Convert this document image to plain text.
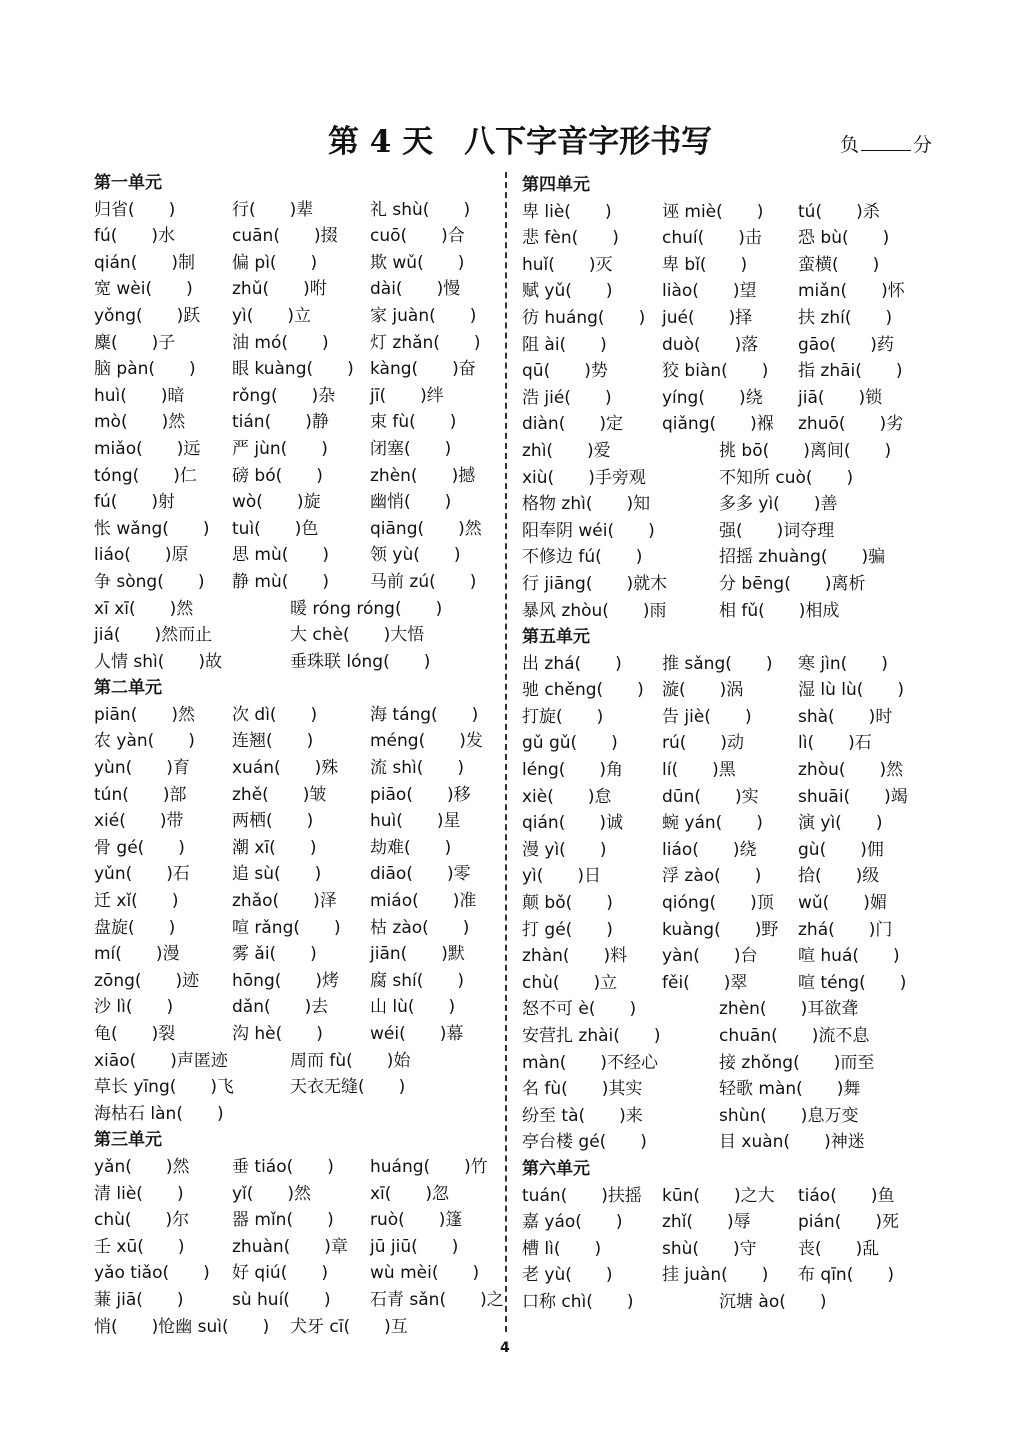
第 4 天　八下字音字形书写	负	分
第一单元
归省(　　)	行(　　)辈	礼 shù(　　)
fú(　　)水	cuān(　　)掇 cuō(　　)合
qián(　　)制 偏 pì(　　)	欺 wǔ(　　)
宽 wèi(　　) zhǔ(　　)咐	dài(　　)慢
yǒng(　　)跃 yì(　　)立	家 juàn(　　)
麋(　　)子	油 mó(　　) 灯 zhǎn(　　)
脑 pàn(　　) 眼 kuàng(　　) kàng(　　)奋
huì(　　)暗	rǒng(　　)杂 jī(　　)绊
mò(　　)然	tián(　　)静 束 fù(　　)
miǎo(　　)远 严 jùn(　　) 闭塞(　　)
tóng(　　)仁 磅 bó(　　)	zhèn(　　)撼
fú(　　)射	wò(　　)旋	幽悄(　　)
怅 wǎng(　　) tuì(　　)色	qiāng(　　)然
liáo(　　)原	思 mù(　　) 领 yù(　　)
争 sòng(　　) 静 mù(　　) 马前 zú(　　)
xī xī(　　)然	暖 róng róng(　　)
jiá(　　)然而止	大 chè(　　)大悟
人情 shì(　　)故	垂珠联 lóng(　　)
第二单元
piān(　　)然 次 dì(　　)	海 táng(　　)
农 yàn(　　) 连翘(　　)	méng(　　)发
yùn(　　)育 xuán(　　)殊 流 shì(　　)
tún(　　)部	zhě(　　)皱	piāo(　　)移
xié(　　)带	两栖(　　)	huì(　　)星
骨 gé(　　)	潮 xī(　　)	劫难(　　)
yǔn(　　)石 追 sù(　　)	diāo(　　)零
迁 xǐ(　　)	zhǎo(　　)泽 miáo(　　)准
盘旋(　　)	喧 rǎng(　　) 枯 zào(　　)
mí(　　)漫	雾 ǎi(　　)	jiān(　　)默
zōng(　　)迹 hōng(　　)烤 腐 shí(　　)
沙 lì(　　)	dǎn(　　)去 山 lù(　　)
龟(　　)裂	沟 hè(　　)	wéi(　　)幕
xiāo(　　)声匿迹	周而 fù(　　)始
草长 yīng(　　)飞	天衣无缝(　　)
海枯石 làn(　　)
第三单元
yǎn(　　)然 垂 tiáo(　　) huáng(　　)竹
清 liè(　　)	yǐ(　　)然	xī(　　)忽
chù(　　)尔	器 mǐn(　　) ruò(　　)篷
壬 xū(　　)	zhuàn(　　)章 jū jiū(　　)
yǎo tiǎo(　　) 好 qiú(　　) wù mèi(　　)
蒹 jiā(　　)	sù huí(　　) 石青 sǎn(　　)之
悄(　　)怆幽 suì(　　) 犬牙 cī(　　)互
第四单元
卑 liè(　　)	诬 miè(　　) tú(　　)杀
悲 fèn(　　)	chuí(　　)击 恐 bù(　　)
huǐ(　　)灭	卑 bǐ(　　)	蛮横(　　)
赋 yǔ(　　)	liào(　　)望 miǎn(　　)怀
彷 huáng(　　) jué(　　)择	扶 zhí(　　)
阻 ài(　　)	duò(　　)落 gāo(　　)药
qū(　　)势	狡 biàn(　　) 指 zhāi(　　)
浩 jié(　　)	yíng(　　)绕 jiā(　　)锁
diàn(　　)定 qiǎng(　　)褓 zhuō(　　)劣
zhì(　　)爱	挑 bō(　　)离间(　　)
xiù(　　)手旁观	不知所 cuò(　　)
格物 zhì(　　)知	多多 yì(　　)善
阳奉阴 wéi(　　)	强(　　)词夺理
不修边 fú(　　)	招摇 zhuàng(　　)骗
行 jiāng(　　)就木	分 bēng(　　)离析
暴风 zhòu(　　)雨	相 fǔ(　　)相成
第五单元
出 zhá(　　) 推 sǎng(　　) 寒 jìn(　　)
驰 chěng(　　) 漩(　　)涡	湿 lù lù(　　)
打旋(　　)	告 jiè(　　)	shà(　　)时
gǔ gǔ(　　)	rú(　　)动	lì(　　)石
léng(　　)角 lí(　　)黑	zhòu(　　)然
xiè(　　)怠	dūn(　　)实 shuāi(　　)竭
qián(　　)诚 蜿 yán(　　) 演 yì(　　)
漫 yì(　　)	liáo(　　)绕 gù(　　)佣
yì(　　)日	浮 zào(　　) 拾(　　)级
颠 bǒ(　　)	qióng(　　)顶 wǔ(　　)媚
打 gé(　　)	kuàng(　　)野 zhá(　　)门
zhàn(　　)料 yàn(　　)台 喧 huá(　　)
chù(　　)立	fěi(　　)翠	喧 téng(　　)
怒不可 è(　　)	zhèn(　　)耳欲聋
安营扎 zhài(　　)	chuān(　　)流不息
màn(　　)不经心	接 zhǒng(　　)而至
名 fù(　　)其实	轻歌 màn(　　)舞
纷至 tà(　　)来	shùn(　　)息万变
亭台楼 gé(　　)	目 xuàn(　　)神迷
第六单元
tuán(　　)扶摇 kūn(　　)之大 tiáo(　　)鱼
嘉 yáo(　　) zhǐ(　　)辱	pián(　　)死
槽 lì(　　)	shù(　　)守 丧(　　)乱
老 yù(　　)	挂 juàn(　　) 布 qīn(　　)
口称 chì(　　)	沉塘 ào(　　)
4
